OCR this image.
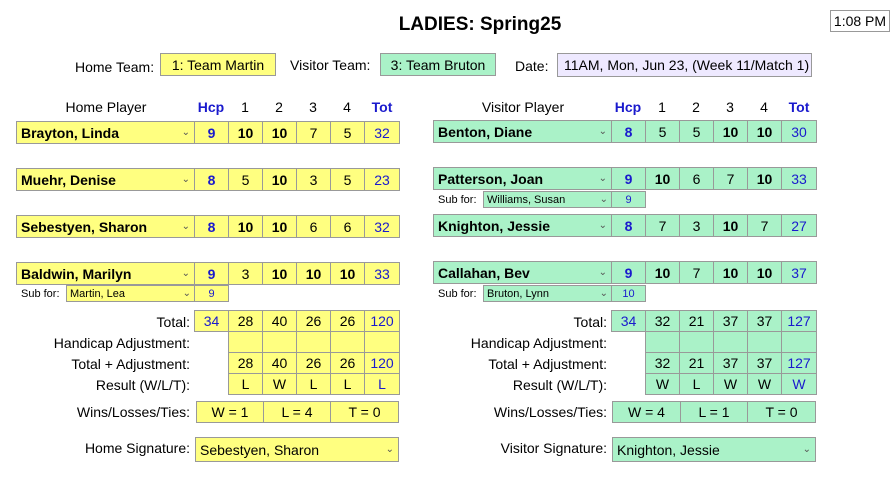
LADIES: Spring25	1:08 PM
Home Team:	1: Team Martin	Visitor Team:	3: Team Bruton	Date:	11AM, Mon, Jun 23, (Week 11/Match 1)
Home Player	Hcp	1	2	3	4	Tot
Brayton, Linda	⌄	9	10	10	7	5	32
Muehr, Denise	⌄	8	5	10	3	5	23
Sebestyen, Sharon	⌄	8	10	10	6	6	32
Baldwin, Marilyn	⌄	9	3	10	10	10	33
Sub for: Martin, Lea	⌄	9
Total: 34	28	40	26	26	120
Handicap Adjustment:
Total + Adjustment:	28	40	26	26	120
Result (W/L/T):	L	W	L	L	L
Wins/Losses/Ties:	W = 1	L = 4	T = 0
Home Signature: Sebestyen, Sharon	⌄
Visitor Player	Hcp	1	2	3	4	Tot
Benton, Diane	⌄	8	5	5	10	10	30
Patterson, Joan	⌄	9	10	6	7	10	33
Sub for: Williams, Susan	⌄	9
Knighton, Jessie	⌄	8	7	3	10	7	27
Callahan, Bev	⌄	9	10	7	10	10	37
Sub for: Bruton, Lynn	⌄	10
Total: 34	32	21	37	37	127
Handicap Adjustment:
Total + Adjustment:	32	21	37	37	127
Result (W/L/T):	W	L	W	W	W
Wins/Losses/Ties:	W = 4	L = 1	T = 0
Visitor Signature: Knighton, Jessie	⌄
